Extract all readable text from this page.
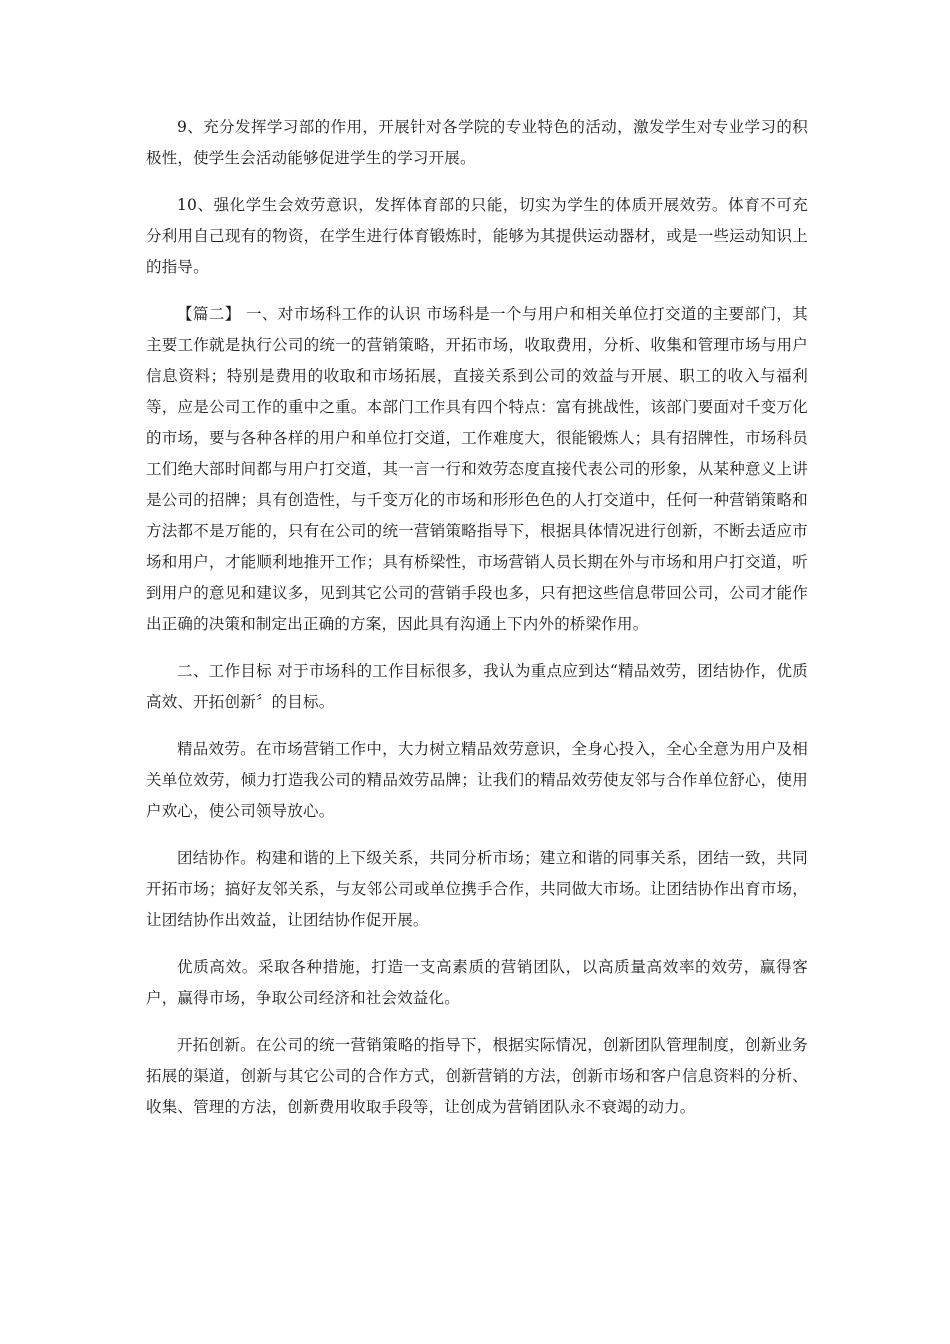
9、充分发挥学习部的作用，开展针对各学院的专业特色的活动，激发学生对专业学习的积极性，使学生会活动能够促进学生的学习开展。

10、强化学生会效劳意识，发挥体育部的只能，切实为学生的体质开展效劳。体育不可充分利用自己现有的物资，在学生进行体育锻炼时，能够为其提供运动器材，或是一些运动知识上的指导。

【篇二】 一、对市场科工作的认识 市场科是一个与用户和相关单位打交道的主要部门，其主要工作就是执行公司的统一的营销策略，开拓市场，收取费用，分析、收集和管理市场与用户信息资料；特别是费用的收取和市场拓展，直接关系到公司的效益与开展、职工的收入与福利等，应是公司工作的重中之重。本部门工作具有四个特点：富有挑战性，该部门要面对千变万化的市场，要与各种各样的用户和单位打交道，工作难度大，很能锻炼人；具有招牌性，市场科员工们绝大部时间都与用户打交道，其一言一行和效劳态度直接代表公司的形象，从某种意义上讲是公司的招牌；具有创造性，与千变万化的市场和形形色色的人打交道中，任何一种营销策略和方法都不是万能的，只有在公司的统一营销策略指导下，根据具体情况进行创新，不断去适应市场和用户，才能顺利地推开工作；具有桥梁性，市场营销人员长期在外与市场和用户打交道，听到用户的意见和建议多，见到其它公司的营销手段也多，只有把这些信息带回公司，公司才能作出正确的决策和制定出正确的方案，因此具有沟通上下内外的桥梁作用。

二、工作目标 对于市场科的工作目标很多，我认为重点应到达“精品效劳，团结协作，优质高效、开拓创新〞的目标。

精品效劳。在市场营销工作中，大力树立精品效劳意识，全身心投入，全心全意为用户及相关单位效劳，倾力打造我公司的精品效劳品牌；让我们的精品效劳使友邻与合作单位舒心，使用户欢心，使公司领导放心。

团结协作。构建和谐的上下级关系，共同分析市场；建立和谐的同事关系，团结一致，共同开拓市场；搞好友邻关系，与友邻公司或单位携手合作，共同做大市场。让团结协作出育市场，让团结协作出效益，让团结协作促开展。

优质高效。采取各种措施，打造一支高素质的营销团队，以高质量高效率的效劳，赢得客户，赢得市场，争取公司经济和社会效益化。

开拓创新。在公司的统一营销策略的指导下，根据实际情况，创新团队管理制度，创新业务拓展的渠道，创新与其它公司的合作方式，创新营销的方法，创新市场和客户信息资料的分析、收集、管理的方法，创新费用收取手段等，让创成为营销团队永不衰竭的动力。
